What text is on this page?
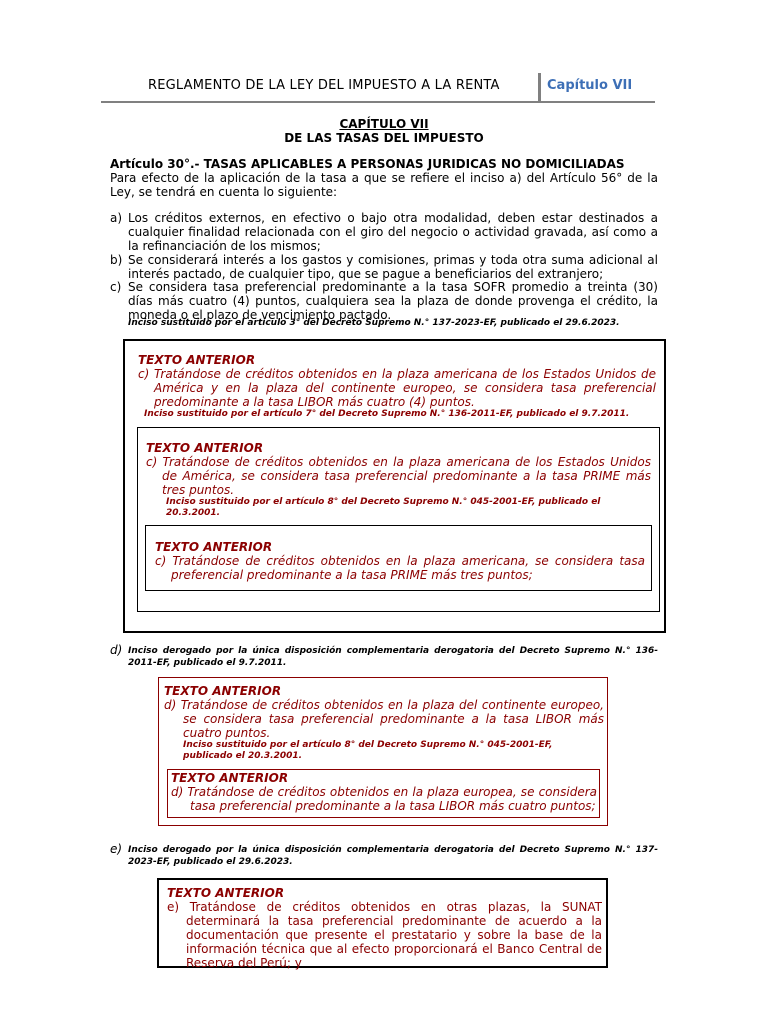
REGLAMENTO DE LA LEY DEL IMPUESTO A LA RENTA	Capítulo VII
CAPÍTULO VII
DE LAS TASAS DEL IMPUESTO
Artículo 30°.- TASAS APLICABLES A PERSONAS JURIDICAS NO DOMICILIADAS
Para efecto de la aplicación de la tasa a que se refiere el inciso a) del Artículo 56° de la Ley, se tendrá en cuenta lo siguiente:
a) Los créditos externos, en efectivo o bajo otra modalidad, deben estar destinados a cualquier finalidad relacionada con el giro del negocio o actividad gravada, así como a la refinanciación de los mismos;
b) Se considerará interés a los gastos y comisiones, primas y toda otra suma adicional al interés pactado, de cualquier tipo, que se pague a beneficiarios del extranjero;
c) Se considera tasa preferencial predominante a la tasa SOFR promedio a treinta (30) días más cuatro (4) puntos, cualquiera sea la plaza de donde provenga el crédito, la moneda o el plazo de vencimiento pactado.
Inciso sustituido por el artículo 3° del Decreto Supremo N.° 137-2023-EF, publicado el 29.6.2023.
TEXTO ANTERIOR
c) Tratándose de créditos obtenidos en la plaza americana de los Estados Unidos de América y en la plaza del continente europeo, se considera tasa preferencial predominante a la tasa LIBOR más cuatro (4) puntos.
Inciso sustituido por el artículo 7° del Decreto Supremo N.° 136-2011-EF, publicado el 9.7.2011.
TEXTO ANTERIOR
c) Tratándose de créditos obtenidos en la plaza americana de los Estados Unidos de América, se considera tasa preferencial predominante a la tasa PRIME más tres puntos.
Inciso sustituido por el artículo 8° del Decreto Supremo N.° 045-2001-EF, publicado el 20.3.2001.
TEXTO ANTERIOR
c) Tratándose de créditos obtenidos en la plaza americana, se considera tasa preferencial predominante a la tasa PRIME más tres puntos;
d) Inciso derogado por la única disposición complementaria derogatoria del Decreto Supremo N.° 136- 2011-EF, publicado el 9.7.2011.
TEXTO ANTERIOR
d) Tratándose de créditos obtenidos en la plaza del continente europeo, se considera tasa preferencial predominante a la tasa LIBOR más cuatro puntos.
Inciso sustituido por el artículo 8° del Decreto Supremo N.° 045-2001-EF, publicado el 20.3.2001.
TEXTO ANTERIOR
d) Tratándose de créditos obtenidos en la plaza europea, se considera tasa preferencial predominante a la tasa LIBOR más cuatro puntos;
e) Inciso derogado por la única disposición complementaria derogatoria del Decreto Supremo N.° 137-2023-EF, publicado el 29.6.2023.
TEXTO ANTERIOR
e) Tratándose de créditos obtenidos en otras plazas, la SUNAT determinará la tasa preferencial predominante de acuerdo a la documentación que presente el prestatario y sobre la base de la información técnica que al efecto proporcionará el Banco Central de Reserva del Perú; y
